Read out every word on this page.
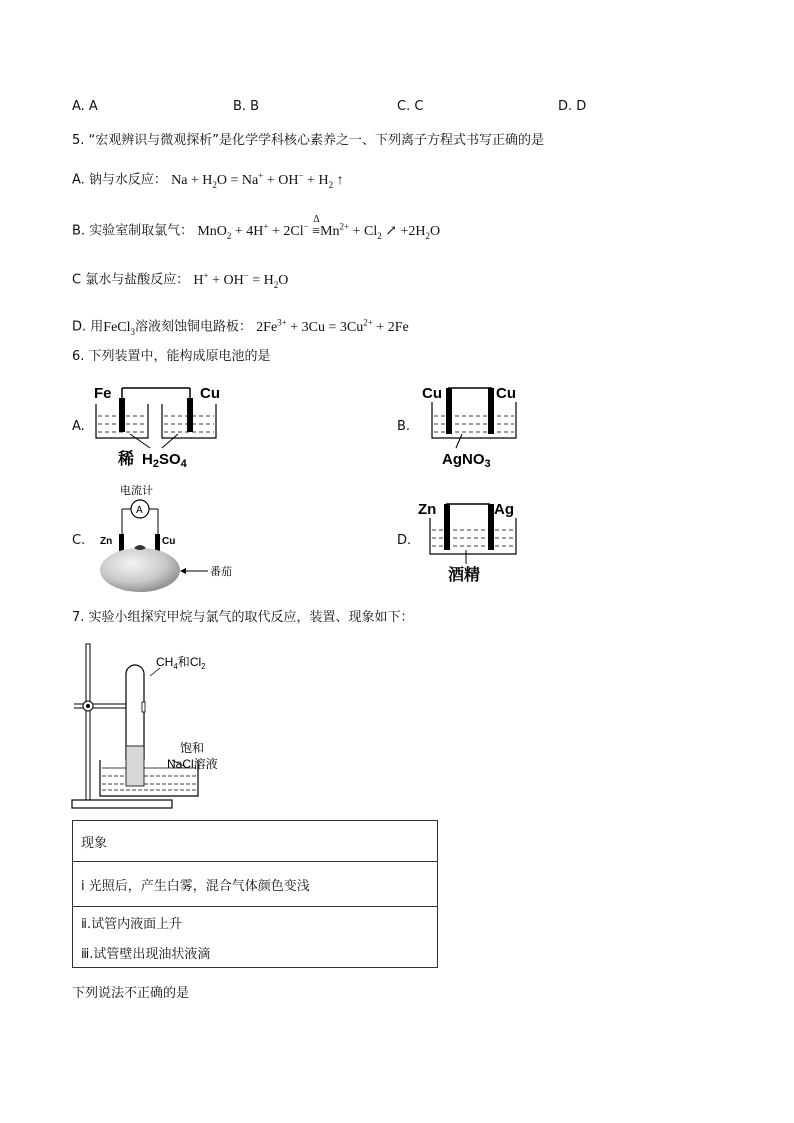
A. A	B. B	C. C	D. D
5. “宏观辨识与微观探析”是化学学科核心素养之一、下列离子方程式书写正确的是
A. 钠与水反应： $Na + H_2O = Na^+ + OH^- + H_2$ ↑
B. 实验室制取氯气： MnO$_2$ + 4H+ + 2Cl−
Δ
$\equiv Mn^{2+} + Cl_2$ ↗ $+2H_2O$
C 氯水与盐酸反应： $H^+ + OH^- = H_2O$
D. 用FeCl$_3$溶液刻蚀铜电路板： $2Fe^{3+} + 3Cu = 3Cu^{2+} + 2Fe$
6. 下列装置中，能构成原电池的是
A.	B.
C.	D.
Fe	Cu
稀 $H_2SO_4$
Cu	Cu
AgNO$_3$
电流计
A
Zn	Cu
番茄
Zn	Ag
酒精
7. 实验小组探究甲烷与氯气的取代反应，装置、现象如下：
$CH_4$和$Cl_2$
饱和
NaCl溶液
现象
ⅰ 光照后，产生白雾，混合气体颜色变浅
ⅱ.试管内液面上升
ⅲ.试管壁出现油状液滴
下列说法不正确的是
